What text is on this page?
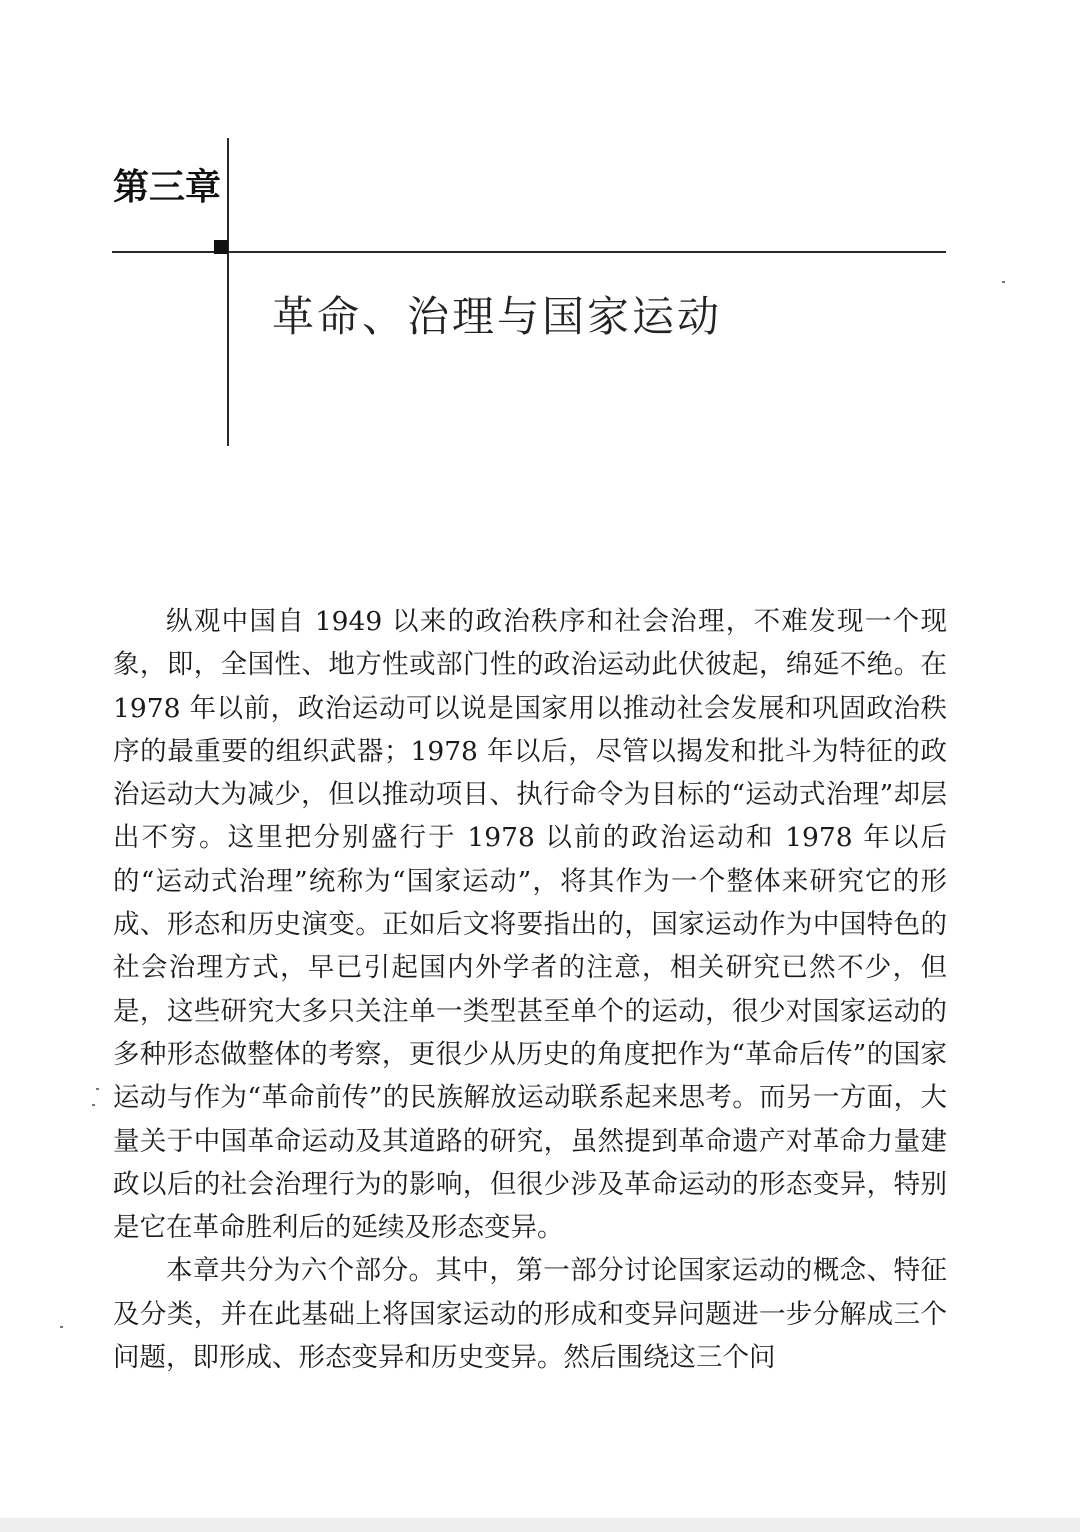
第三章
革命、治理与国家运动

纵观中国自 1949 以来的政治秩序和社会治理，不难发现一个现象，即，全国性、地方性或部门性的政治运动此伏彼起，绵延不绝。在 1978 年以前，政治运动可以说是国家用以推动社会发展和巩固政治秩序的最重要的组织武器；1978 年以后，尽管以揭发和批斗为特征的政治运动大为减少，但以推动项目、执行命令为目标的“运动式治理”却层出不穷。这里把分别盛行于 1978 以前的政治运动和 1978 年以后的“运动式治理”统称为“国家运动”，将其作为一个整体来研究它的形成、形态和历史演变。正如后文将要指出的，国家运动作为中国特色的社会治理方式，早已引起国内外学者的注意，相关研究已然不少，但是，这些研究大多只关注单一类型甚至单个的运动，很少对国家运动的多种形态做整体的考察，更很少从历史的角度把作为“革命后传”的国家运动与作为“革命前传”的民族解放运动联系起来思考。而另一方面，大量关于中国革命运动及其道路的研究，虽然提到革命遗产对革命力量建政以后的社会治理行为的影响，但很少涉及革命运动的形态变异，特别是它在革命胜利后的延续及形态变异。

本章共分为六个部分。其中，第一部分讨论国家运动的概念、特征及分类，并在此基础上将国家运动的形成和变异问题进一步分解成三个问题，即形成、形态变异和历史变异。然后围绕这三个问
